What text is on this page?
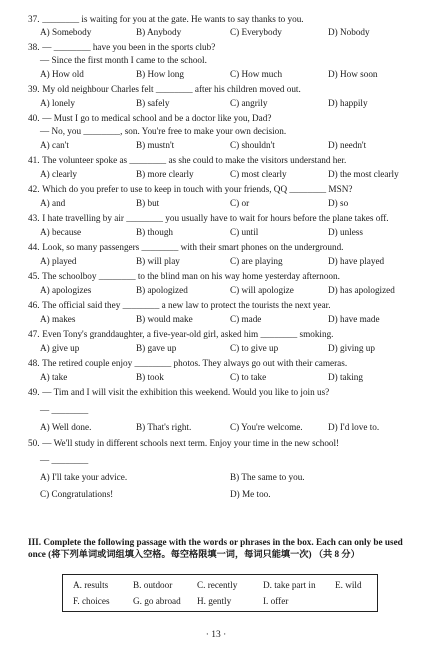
37. ________ is waiting for you at the gate. He wants to say thanks to you.
A) Somebody	B) Anybody	C) Everybody	D) Nobody
38. — ________ have you been in the sports club?
— Since the first month I came to the school.
A) How old	B) How long	C) How much	D) How soon
39. My old neighbour Charles felt ________ after his children moved out.
A) lonely	B) safely	C) angrily	D) happily
40. — Must I go to medical school and be a doctor like you, Dad?
— No, you ________, son. You're free to make your own decision.
A) can't	B) mustn't	C) shouldn't	D) needn't
41. The volunteer spoke as ________ as she could to make the visitors understand her.
A) clearly	B) more clearly	C) most clearly	D) the most clearly
42. Which do you prefer to use to keep in touch with your friends, QQ ________ MSN?
A) and	B) but	C) or	D) so
43. I hate travelling by air ________ you usually have to wait for hours before the plane takes off.
A) because	B) though	C) until	D) unless
44. Look, so many passengers ________ with their smart phones on the underground.
A) played	B) will play	C) are playing	D) have played
45. The schoolboy ________ to the blind man on his way home yesterday afternoon.
A) apologizes	B) apologized	C) will apologize	D) has apologized
46. The official said they ________ a new law to protect the tourists the next year.
A) makes	B) would make	C) made	D) have made
47. Even Tony's granddaughter, a five-year-old girl, asked him ________ smoking.
A) give up	B) gave up	C) to give up	D) giving up
48. The retired couple enjoy ________ photos. They always go out with their cameras.
A) take	B) took	C) to take	D) taking
49. — Tim and I will visit the exhibition this weekend. Would you like to join us?
— ________
A) Well done.	B) That's right.	C) You're welcome.	D) I'd love to.
50. — We'll study in different schools next term. Enjoy your time in the new school!
— ________
A) I'll take your advice.	B) The same to you.
C) Congratulations!	D) Me too.
III. Complete the following passage with the words or phrases in the box. Each can only be used once (将下列单词或词组填入空格。每空格限填一词，每词只能填一次) （共 8 分）
A. results	B. outdoor	C. recently	D. take part in E. wild
F. choices	G. go abroad H. gently	I. offer
· 13 ·
